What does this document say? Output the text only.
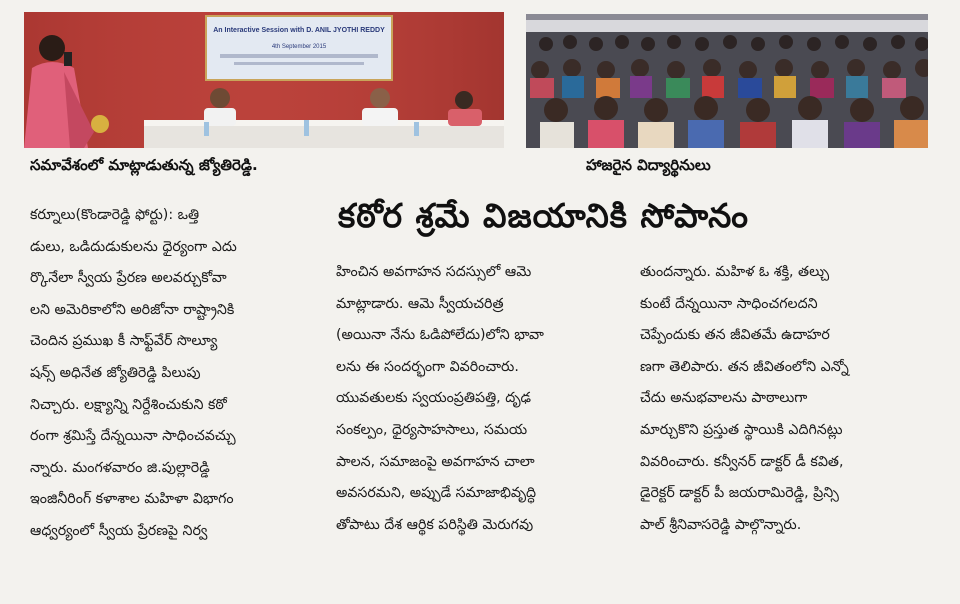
An Interactive Session with D. ANIL JYOTHI REDDY
4th September 2015
సమావేశంలో మాట్లాడుతున్న జ్యోతిరెడ్డి.	హాజరైన విద్యార్థినులు
కఠోర శ్రమే విజయానికి సోపానం
కర్నూలు(కొండారెడ్డి ఫోర్టు): ఒత్తి
డులు, ఒడిదుడుకులను ధైర్యంగా ఎదు
ర్కొనేలా స్వీయ ప్రేరణ అలవర్చుకోవా
లని అమెరికాలోని అరిజోనా రాష్ట్రానికి
చెందిన ప్రముఖ కీ సాఫ్ట్‌వేర్ సొల్యూ
షన్స్ అధినేత జ్యోతిరెడ్డి పిలుపు
నిచ్చారు. లక్ష్యాన్ని నిర్దేశించుకుని కఠో
రంగా శ్రమిస్తే దేన్నయినా సాధించవచ్చు
న్నారు. మంగళవారం జి.పుల్లారెడ్డి
ఇంజినీరింగ్ కళాశాల మహిళా విభాగం
ఆధ్వర్యంలో స్వీయ ప్రేరణపై నిర్వ
హించిన అవగాహన సదస్సులో ఆమె
మాట్లాడారు. ఆమె స్వీయచరిత్ర
(అయినా నేను ఓడిపోలేదు)లోని భావా
లను ఈ సందర్భంగా వివరించారు.
యువతులకు స్వయంప్రతిపత్తి, దృఢ
సంకల్పం, ధైర్యసాహసాలు, సమయ
పాలన, సమాజంపై అవగాహన చాలా
అవసరమని, అప్పుడే సమాజాభివృద్ధి
తోపాటు దేశ ఆర్థిక పరిస్థితి మెరుగవు
తుందన్నారు. మహిళ ఓ శక్తి, తల్చు
కుంటే దేన్నయినా సాధించగలదని
చెప్పేందుకు తన జీవితమే ఉదాహర
ణగా తెలిపారు. తన జీవితంలోని ఎన్నో
చేదు అనుభవాలను పాఠాలుగా
మార్చుకొని ప్రస్తుత స్థాయికి ఎదిగినట్లు
వివరించారు. కన్వీనర్ డాక్టర్ డీ కవిత,
డైరెక్టర్ డాక్టర్ పీ జయరామిరెడ్డి, ప్రిన్సి
పాల్ శ్రీనివాసరెడ్డి పాల్గొన్నారు.
